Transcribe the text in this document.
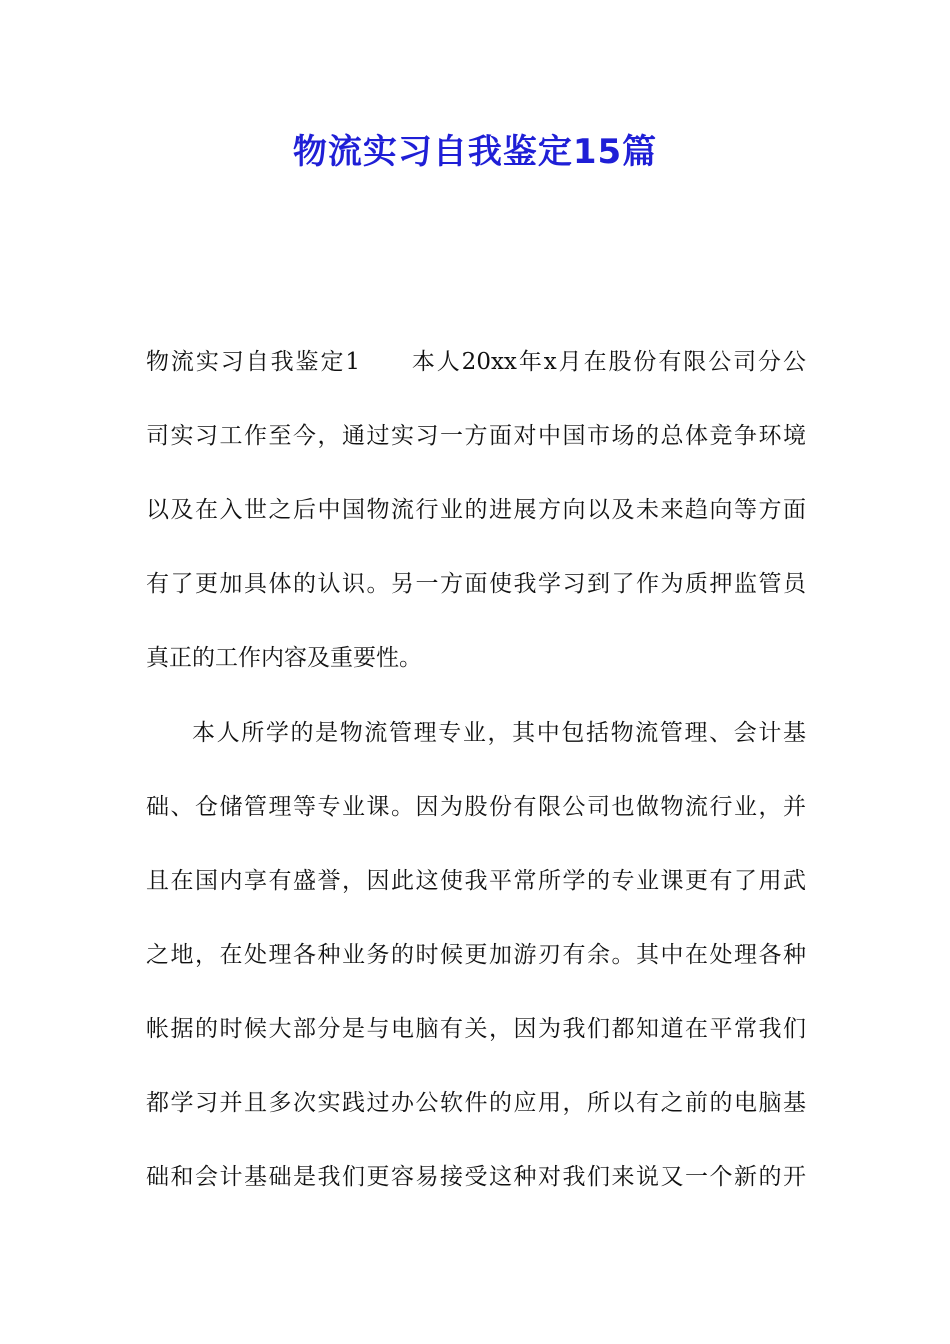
物流实习自我鉴定15篇
物流实习自我鉴定1　　本人20xx年x月在股份有限公司分公
司实习工作至今，通过实习一方面对中国市场的总体竞争环境
以及在入世之后中国物流行业的进展方向以及未来趋向等方面
有了更加具体的认识。另一方面使我学习到了作为质押监管员
真正的工作内容及重要性。
本人所学的是物流管理专业，其中包括物流管理、会计基
础、仓储管理等专业课。因为股份有限公司也做物流行业，并
且在国内享有盛誉，因此这使我平常所学的专业课更有了用武
之地，在处理各种业务的时候更加游刃有余。其中在处理各种
帐据的时候大部分是与电脑有关，因为我们都知道在平常我们
都学习并且多次实践过办公软件的应用，所以有之前的电脑基
础和会计基础是我们更容易接受这种对我们来说又一个新的开
